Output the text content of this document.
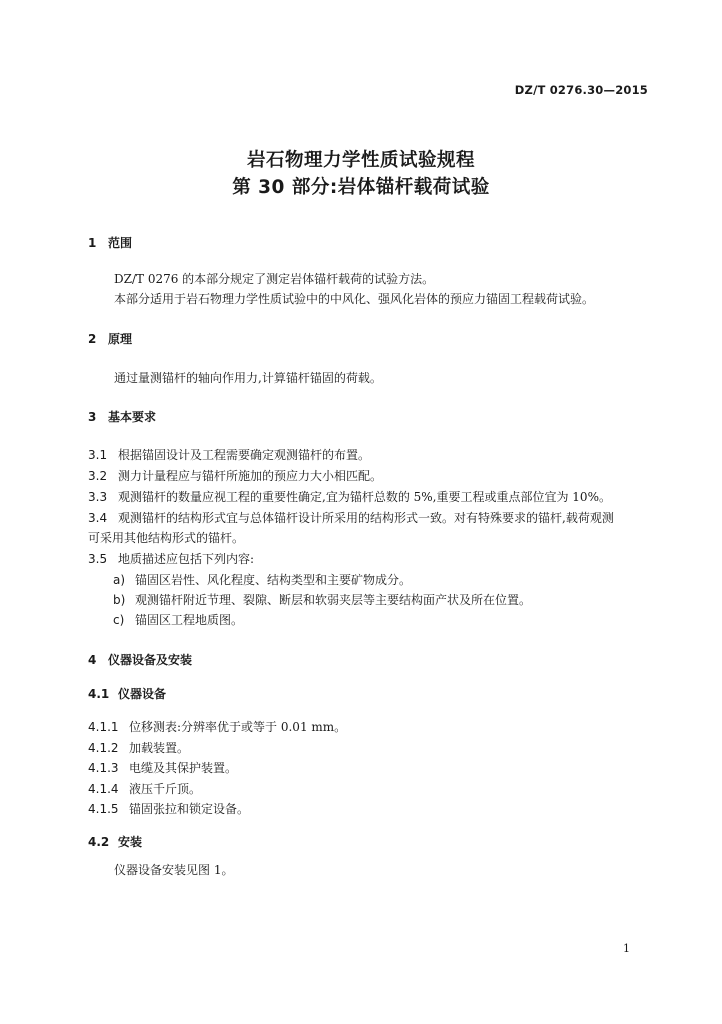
DZ/T 0276.30—2015
岩石物理力学性质试验规程
第 30 部分:岩体锚杆载荷试验
1 范围
DZ/T 0276 的本部分规定了测定岩体锚杆载荷的试验方法。
本部分适用于岩石物理力学性质试验中的中风化、强风化岩体的预应力锚固工程载荷试验。
2 原理
通过量测锚杆的轴向作用力,计算锚杆锚固的荷载。
3 基本要求
3.1 根据锚固设计及工程需要确定观测锚杆的布置。
3.2 测力计量程应与锚杆所施加的预应力大小相匹配。
3.3 观测锚杆的数量应视工程的重要性确定,宜为锚杆总数的 5%,重要工程或重点部位宜为 10%。
3.4 观测锚杆的结构形式宜与总体锚杆设计所采用的结构形式一致。对有特殊要求的锚杆,载荷观测
可采用其他结构形式的锚杆。
3.5 地质描述应包括下列内容:
a) 锚固区岩性、风化程度、结构类型和主要矿物成分。
b) 观测锚杆附近节理、裂隙、断层和软弱夹层等主要结构面产状及所在位置。
c) 锚固区工程地质图。
4 仪器设备及安装
4.1 仪器设备
4.1.1 位移测表:分辨率优于或等于 0.01 mm。
4.1.2 加载装置。
4.1.3 电缆及其保护装置。
4.1.4 液压千斤顶。
4.1.5 锚固张拉和锁定设备。
4.2 安装
仪器设备安装见图 1。
1
